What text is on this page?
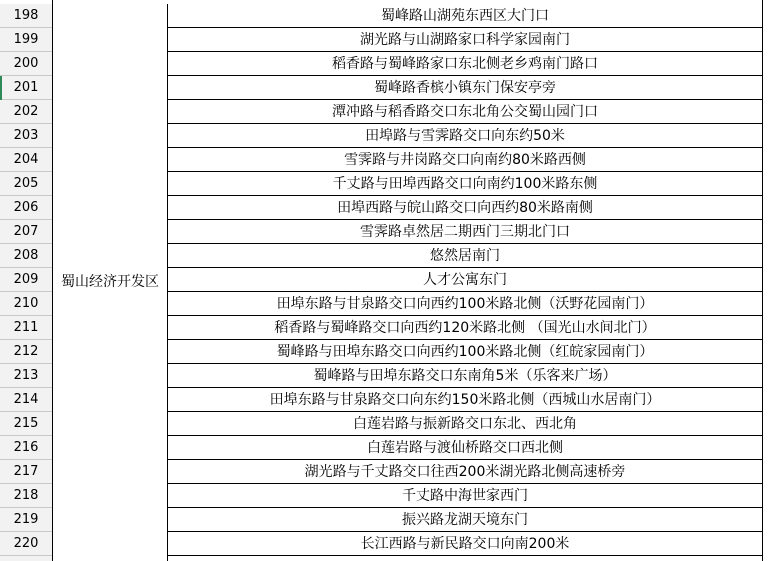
198
199
200
201
202
203
204
205
206
207
208
209
210
211
212
213
214
215
216
217
218
219
220
蜀山经济开发区
蜀峰路山湖苑东西区大门口
湖光路与山湖路家口科学家园南门
稻香路与蜀峰路家口东北侧老乡鸡南门路口
蜀峰路香槟小镇东门保安亭旁
潭冲路与稻香路交口东北角公交蜀山园门口
田埠路与雪霁路交口向东约50米
雪霁路与井岗路交口向南约80米路西侧
千丈路与田埠西路交口向南约100米路东侧
田埠西路与皖山路交口向西约80米路南侧
雪霁路卓然居二期西门三期北门口
悠然居南门
人才公寓东门
田埠东路与甘泉路交口向西约100米路北侧（沃野花园南门）
稻香路与蜀峰路交口向西约120米路北侧 （国光山水间北门）
蜀峰路与田埠东路交口向西约100米路北侧（红皖家园南门）
蜀峰路与田埠东路交口东南角5米（乐客来广场）
田埠东路与甘泉路交口向东约150米路北侧（西城山水居南门）
白莲岩路与振新路交口东北、西北角
白莲岩路与渡仙桥路交口西北侧
湖光路与千丈路交口往西200米湖光路北侧高速桥旁
千丈路中海世家西门
振兴路龙湖天境东门
长江西路与新民路交口向南200米
